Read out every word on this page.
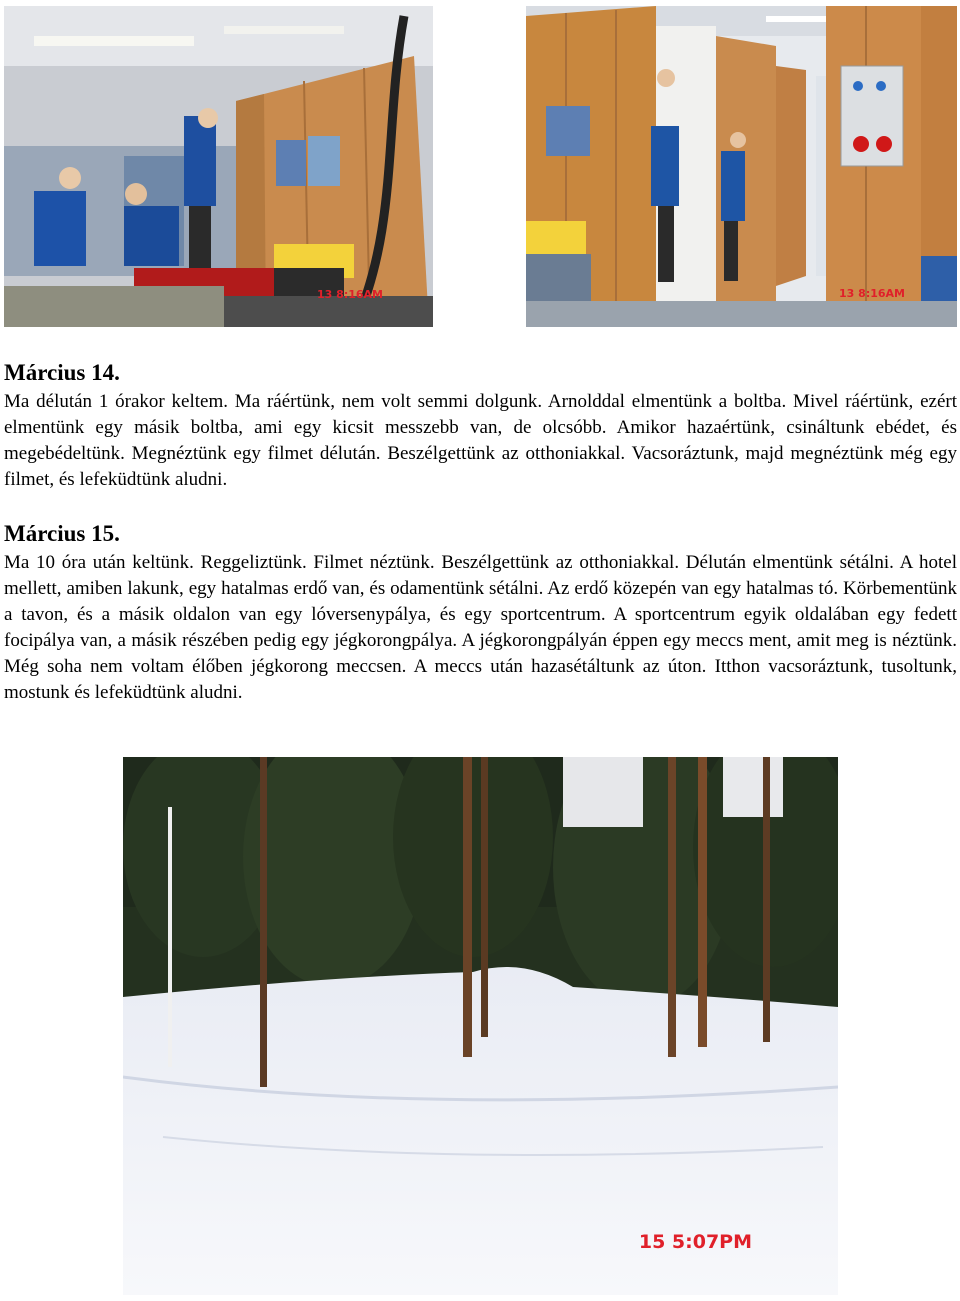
13 8:16AM	13 8:16AM
Március 14.

Ma délután 1 órakor keltem. Ma ráértünk, nem volt semmi dolgunk. Arnolddal elmentünk a boltba. Mivel ráértünk, ezért elmentünk egy másik boltba, ami egy kicsit messzebb van, de olcsóbb. Amikor hazaértünk, csináltunk ebédet, és megebédeltünk. Megnéztünk egy filmet délután. Beszélgettünk az otthoniakkal. Vacsoráztunk, majd megnéztünk még egy filmet, és lefeküdtünk aludni.

Március 15.

Ma 10 óra után keltünk. Reggeliztünk. Filmet néztünk. Beszélgettünk az otthoniakkal. Délután elmentünk sétálni. A hotel mellett, amiben lakunk, egy hatalmas erdő van, és odamentünk sétálni. Az erdő közepén van egy hatalmas tó. Körbementünk a tavon, és a másik oldalon van egy lóversenypálya, és egy sportcentrum. A sportcentrum egyik oldalában egy fedett focipálya van, a másik részében pedig egy jégkorongpálya. A jégkorongpályán éppen egy meccs ment, amit meg is néztünk. Még soha nem voltam élőben jégkorong meccsen. A meccs után hazasétáltunk az úton. Itthon vacsoráztunk, tusoltunk, mostunk és lefeküdtünk aludni.

15 5:07PM
